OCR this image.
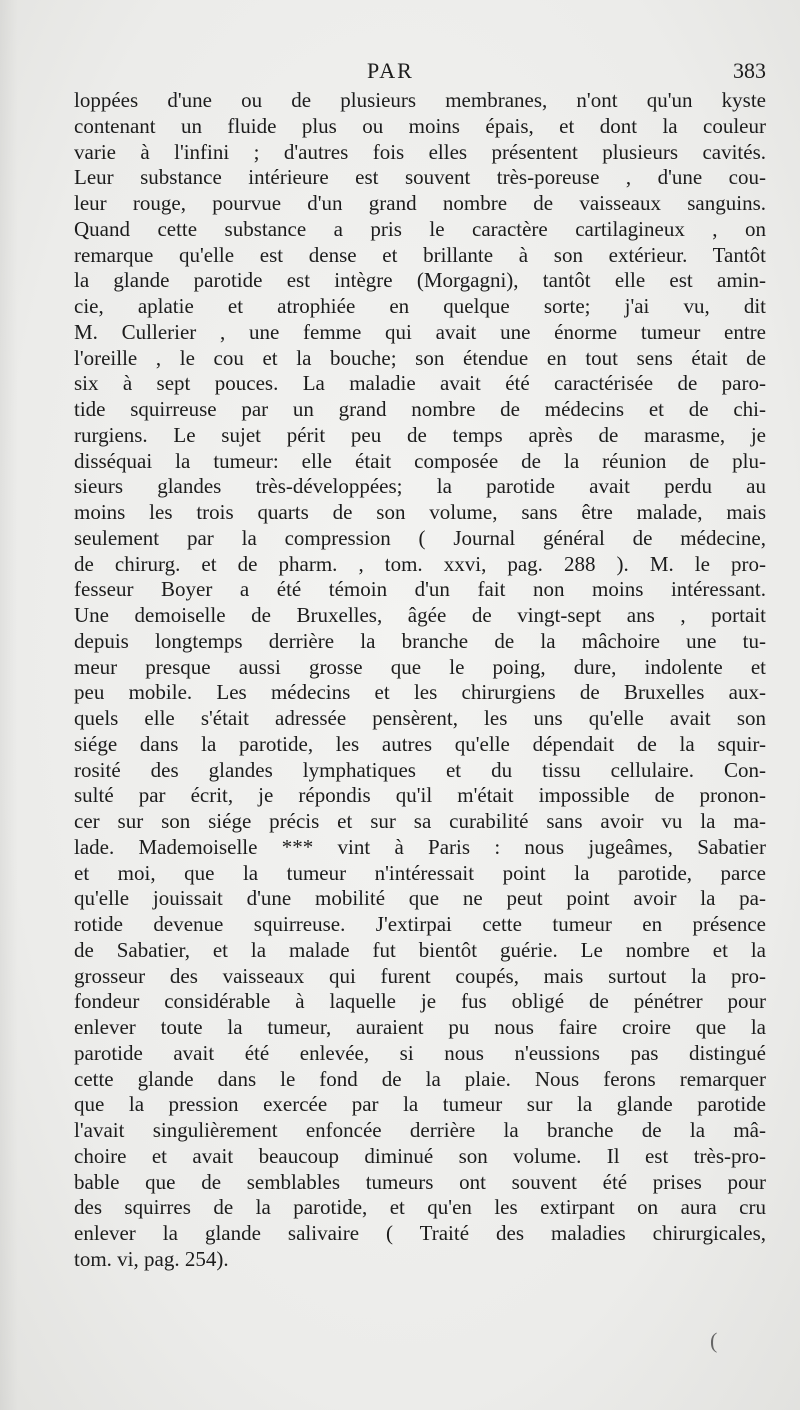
PAR	383
loppées d'une ou de plusieurs membranes, n'ont qu'un kyste
contenant un fluide plus ou moins épais, et dont la couleur
varie à l'infini ; d'autres fois elles présentent plusieurs cavités.
Leur substance intérieure est souvent très-poreuse , d'une cou-
leur rouge, pourvue d'un grand nombre de vaisseaux sanguins.
Quand cette substance a pris le caractère cartilagineux , on
remarque qu'elle est dense et brillante à son extérieur. Tantôt
la glande parotide est intègre (Morgagni), tantôt elle est amin-
cie, aplatie et atrophiée en quelque sorte; j'ai vu, dit
M. Cullerier , une femme qui avait une énorme tumeur entre
l'oreille , le cou et la bouche; son étendue en tout sens était de
six à sept pouces. La maladie avait été caractérisée de paro-
tide squirreuse par un grand nombre de médecins et de chi-
rurgiens. Le sujet périt peu de temps après de marasme, je
disséquai la tumeur: elle était composée de la réunion de plu-
sieurs glandes très-développées; la parotide avait perdu au
moins les trois quarts de son volume, sans être malade, mais
seulement par la compression ( Journal général de médecine,
de chirurg. et de pharm. , tom. xxvi, pag. 288 ). M. le pro-
fesseur Boyer a été témoin d'un fait non moins intéressant.
Une demoiselle de Bruxelles, âgée de vingt-sept ans , portait
depuis longtemps derrière la branche de la mâchoire une tu-
meur presque aussi grosse que le poing, dure, indolente et
peu mobile. Les médecins et les chirurgiens de Bruxelles aux-
quels elle s'était adressée pensèrent, les uns qu'elle avait son
siége dans la parotide, les autres qu'elle dépendait de la squir-
rosité des glandes lymphatiques et du tissu cellulaire. Con-
sulté par écrit, je répondis qu'il m'était impossible de pronon-
cer sur son siége précis et sur sa curabilité sans avoir vu la ma-
lade. Mademoiselle *** vint à Paris : nous jugeâmes, Sabatier
et moi, que la tumeur n'intéressait point la parotide, parce
qu'elle jouissait d'une mobilité que ne peut point avoir la pa-
rotide devenue squirreuse. J'extirpai cette tumeur en présence
de Sabatier, et la malade fut bientôt guérie. Le nombre et la
grosseur des vaisseaux qui furent coupés, mais surtout la pro-
fondeur considérable à laquelle je fus obligé de pénétrer pour
enlever toute la tumeur, auraient pu nous faire croire que la
parotide avait été enlevée, si nous n'eussions pas distingué
cette glande dans le fond de la plaie. Nous ferons remarquer
que la pression exercée par la tumeur sur la glande parotide
l'avait singulièrement enfoncée derrière la branche de la mâ-
choire et avait beaucoup diminué son volume. Il est très-pro-
bable que de semblables tumeurs ont souvent été prises pour
des squirres de la parotide, et qu'en les extirpant on aura cru
enlever la glande salivaire ( Traité des maladies chirurgicales,
tom. vi, pag. 254).
(
